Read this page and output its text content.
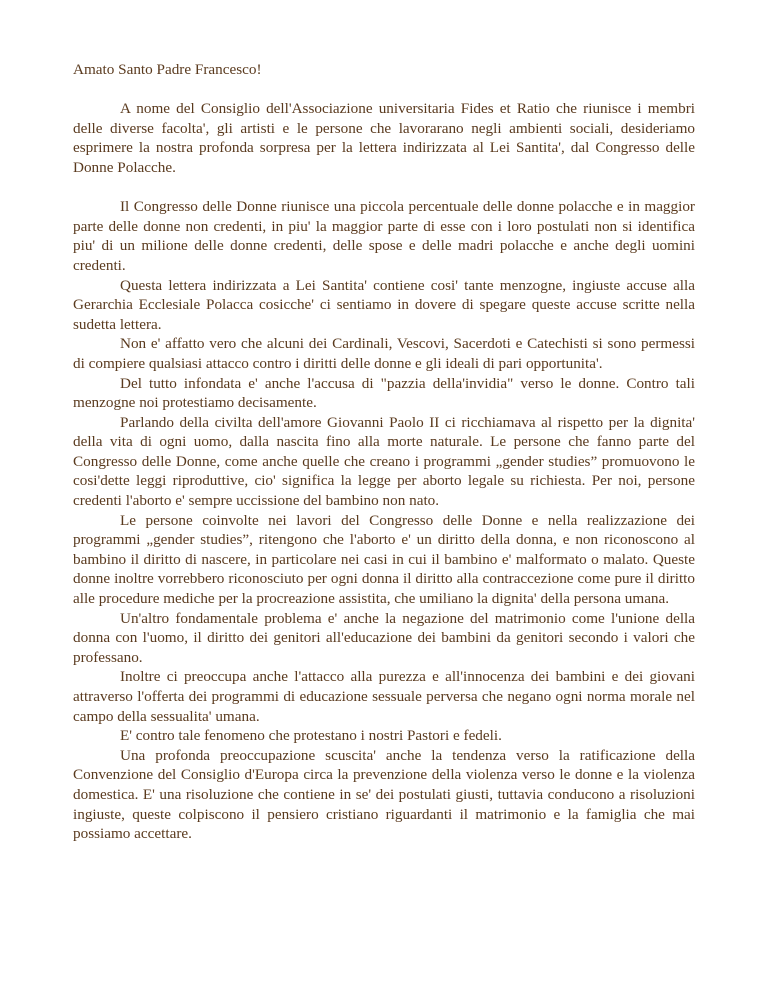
Amato Santo Padre Francesco!

A nome del Consiglio dell'Associazione universitaria Fides et Ratio che riunisce i membri delle diverse facolta', gli artisti e le persone che lavorarano negli ambienti sociali, desideriamo esprimere la nostra profonda sorpresa per la lettera indirizzata al Lei Santita', dal Congresso delle Donne Polacche.

Il Congresso delle Donne riunisce una piccola percentuale delle donne polacche e in maggior parte delle donne non credenti, in piu' la maggior parte di esse con i loro postulati non si identifica piu' di un milione delle donne credenti, delle spose e delle madri polacche e anche degli uomini credenti.

Questa lettera indirizzata a Lei Santita' contiene cosi' tante menzogne, ingiuste accuse alla Gerarchia Ecclesiale Polacca cosicche' ci sentiamo in dovere di spegare queste accuse scritte nella sudetta lettera.

Non e' affatto vero che alcuni dei Cardinali, Vescovi, Sacerdoti e Catechisti si sono permessi di compiere qualsiasi attacco contro i diritti delle donne e gli ideali di pari opportunita'.

Del tutto infondata e' anche l'accusa di "pazzia della'invidia" verso le donne. Contro tali menzogne noi protestiamo decisamente.

Parlando della civilta dell'amore Giovanni Paolo II ci ricchiamava al rispetto per la dignita' della vita di ogni uomo, dalla nascita fino alla morte naturale. Le persone che fanno parte del Congresso delle Donne, come anche quelle che creano i programmi „gender studies” promuovono le cosi'dette leggi riproduttive, cio' significa la legge per aborto legale su richiesta. Per noi, persone credenti l'aborto e' sempre uccissione del bambino non nato.

Le persone coinvolte nei lavori del Congresso delle Donne e nella realizzazione dei programmi „gender studies”, ritengono che l'aborto e' un diritto della donna, e non riconoscono al bambino il diritto di nascere, in particolare nei casi in cui il bambino e' malformato o malato. Queste donne inoltre vorrebbero riconosciuto per ogni donna il diritto alla contraccezione come pure il diritto alle procedure mediche per la procreazione assistita, che umiliano la dignita' della persona umana.

Un'altro fondamentale problema e' anche la negazione del matrimonio come l'unione della donna con l'uomo, il diritto dei genitori all'educazione dei bambini da genitori secondo i valori che professano.

Inoltre ci preoccupa anche l'attacco alla purezza e all'innocenza dei bambini e dei giovani attraverso l'offerta dei programmi di educazione sessuale perversa che negano ogni norma morale nel campo della sessualita' umana.

E' contro tale fenomeno che protestano i nostri Pastori e fedeli.

Una profonda preoccupazione scuscita' anche la tendenza verso la ratificazione della Convenzione del Consiglio d'Europa circa la prevenzione della violenza verso le donne e la violenza domestica. E' una risoluzione che contiene in se' dei postulati giusti, tuttavia conducono a risoluzioni ingiuste, queste colpiscono il pensiero cristiano riguardanti il matrimonio e la famiglia che mai possiamo accettare.
